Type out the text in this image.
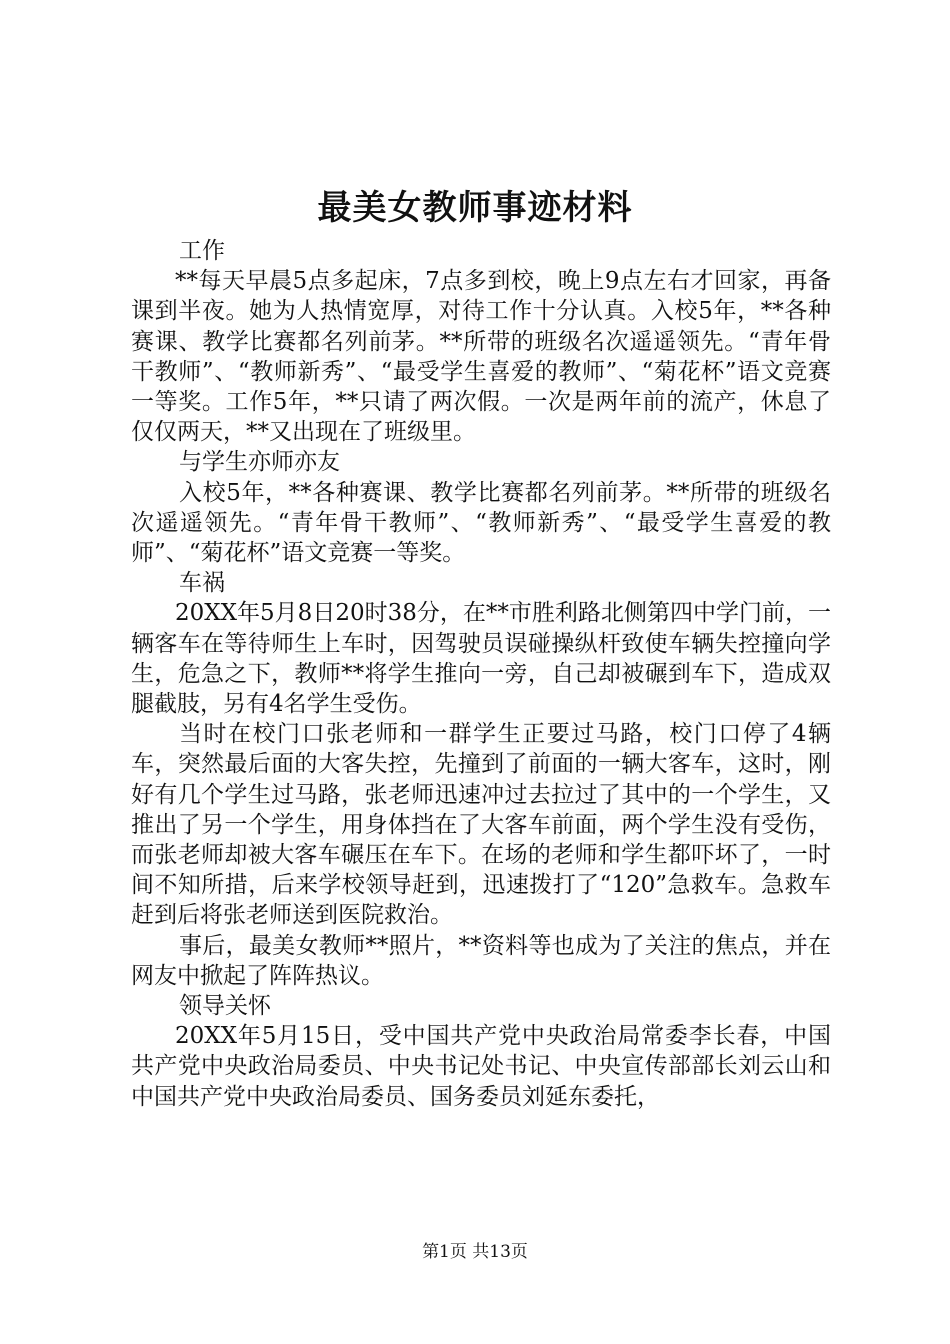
最美女教师事迹材料

工作

**每天早晨5点多起床，7点多到校，晚上9点左右才回家，再备课到半夜。她为人热情宽厚，对待工作十分认真。入校5年，**各种赛课、教学比赛都名列前茅。**所带的班级名次遥遥领先。“青年骨干教师”、“教师新秀”、“最受学生喜爱的教师”、“菊花杯”语文竞赛一等奖。工作5年，**只请了两次假。一次是两年前的流产，休息了仅仅两天，**又出现在了班级里。

与学生亦师亦友

入校5年，**各种赛课、教学比赛都名列前茅。**所带的班级名次遥遥领先。“青年骨干教师”、“教师新秀”、“最受学生喜爱的教师”、“菊花杯”语文竞赛一等奖。

车祸

20XX年5月8日20时38分，在**市胜利路北侧第四中学门前，一辆客车在等待师生上车时，因驾驶员误碰操纵杆致使车辆失控撞向学生，危急之下，教师**将学生推向一旁，自己却被碾到车下，造成双腿截肢，另有4名学生受伤。

当时在校门口张老师和一群学生正要过马路，校门口停了4辆车，突然最后面的大客失控，先撞到了前面的一辆大客车，这时，刚好有几个学生过马路，张老师迅速冲过去拉过了其中的一个学生，又推出了另一个学生，用身体挡在了大客车前面，两个学生没有受伤，而张老师却被大客车碾压在车下。在场的老师和学生都吓坏了，一时间不知所措，后来学校领导赶到，迅速拨打了“120”急救车。急救车赶到后将张老师送到医院救治。

事后，最美女教师**照片，**资料等也成为了关注的焦点，并在网友中掀起了阵阵热议。

领导关怀

20XX年5月15日，受中国共产党中央政治局常委李长春，中国共产党中央政治局委员、中央书记处书记、中央宣传部部长刘云山和中国共产党中央政治局委员、国务委员刘延东委托，

第1页 共13页
